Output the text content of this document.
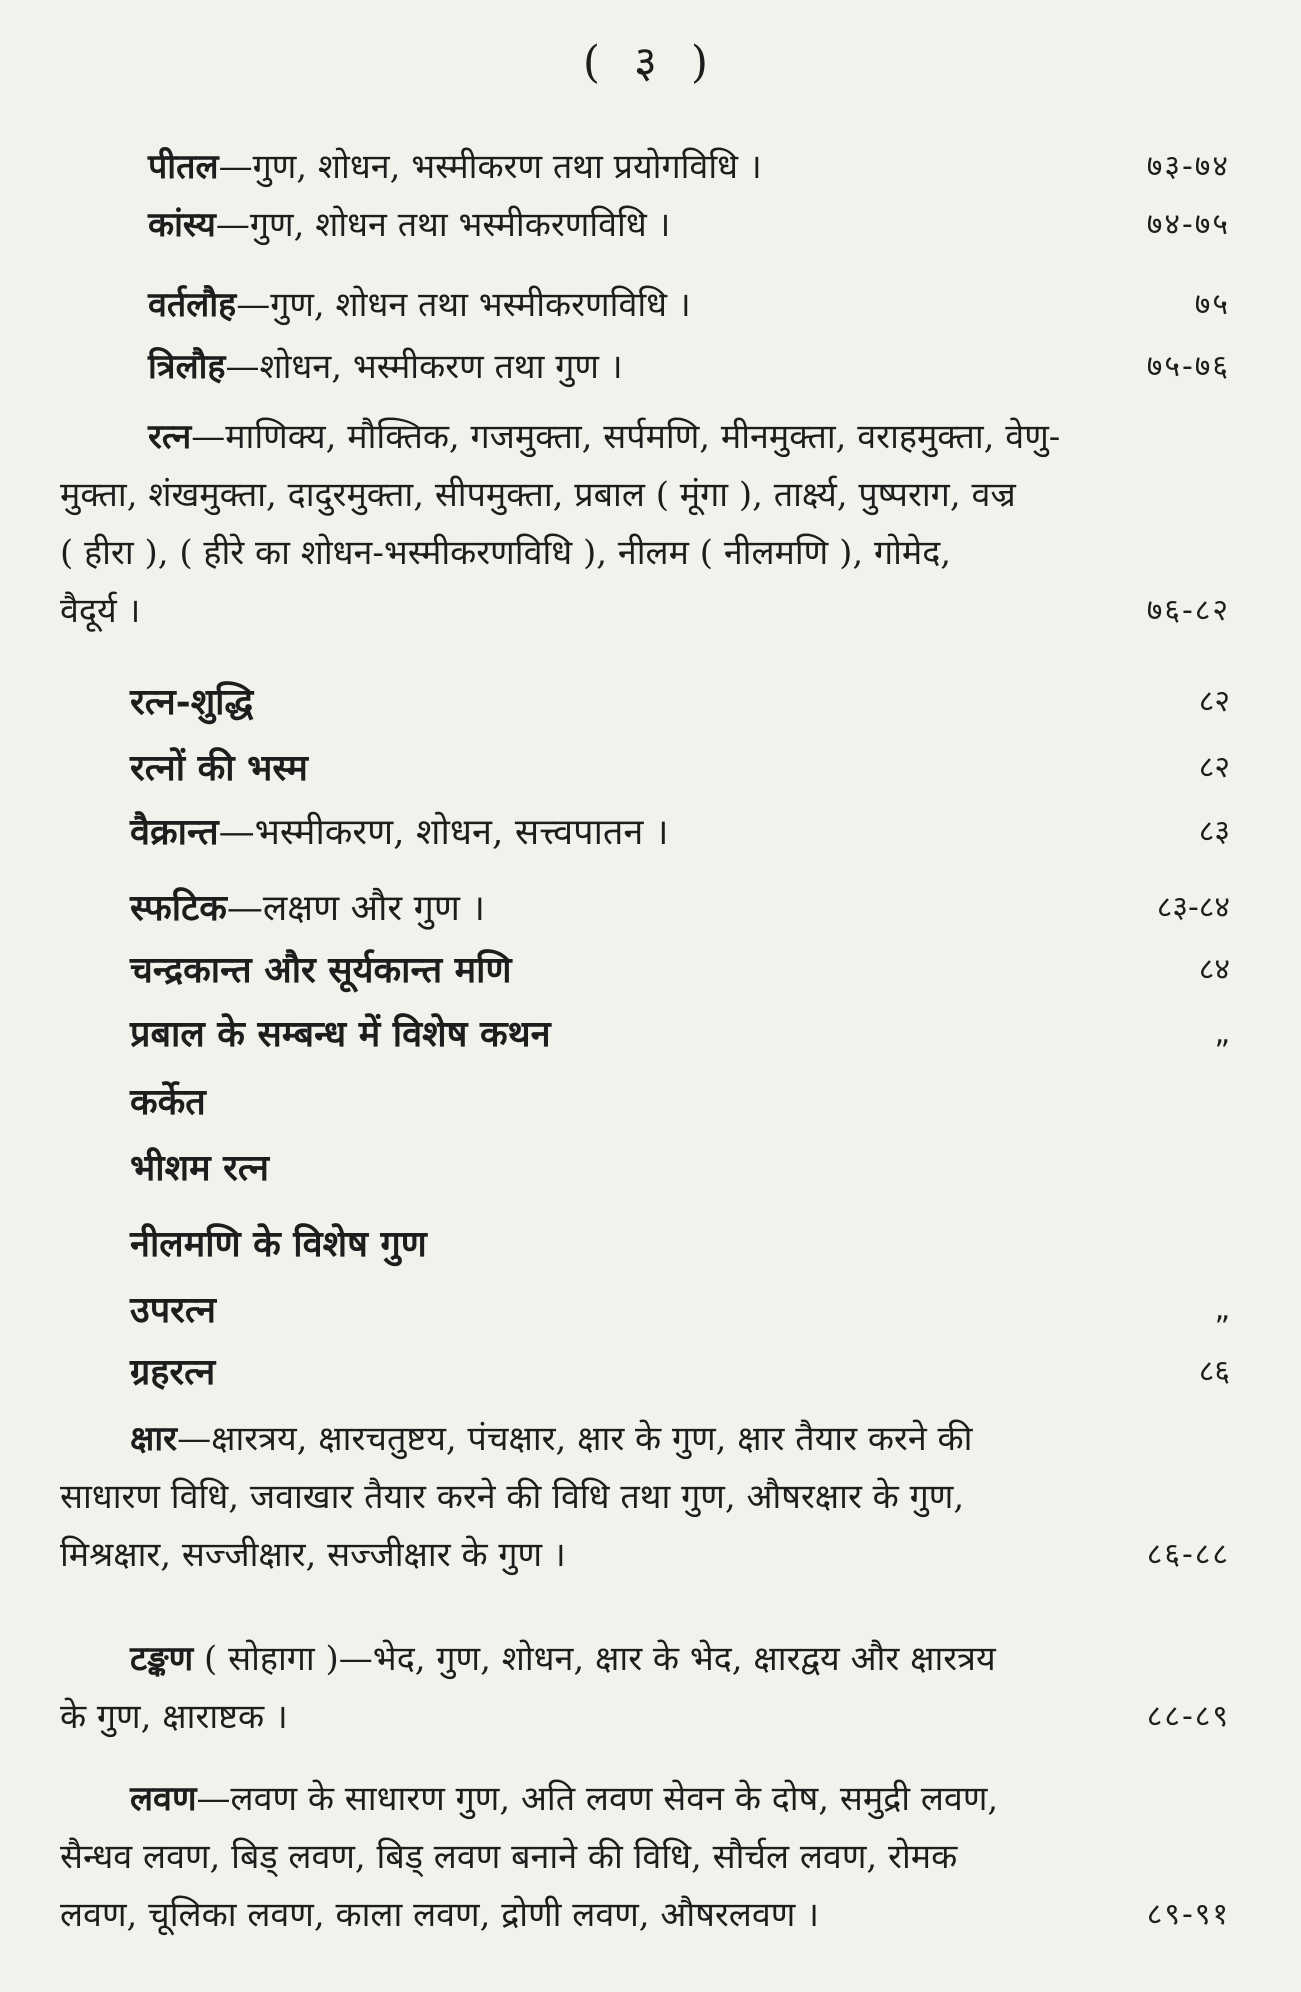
( ३ )
पीतल—गुण, शोधन, भस्मीकरण तथा प्रयोगविधि ।	७३-७४
कांस्य—गुण, शोधन तथा भस्मीकरणविधि ।	७४-७५
वर्तलौह—गुण, शोधन तथा भस्मीकरणविधि ।	७५
त्रिलौह—शोधन, भस्मीकरण तथा गुण ।	७५-७६
रत्न—माणिक्य, मौक्तिक, गजमुक्ता, सर्पमणि, मीनमुक्ता, वराहमुक्ता, वेणु-
मुक्ता, शंखमुक्ता, दादुरमुक्ता, सीपमुक्ता, प्रबाल ( मूंगा ), तार्क्ष्य, पुष्पराग, वज्र
( हीरा ), ( हीरे का शोधन-भस्मीकरणविधि ), नीलम ( नीलमणि ), गोमेद,
वैदूर्य ।	७६-८२
रत्न-शुद्धि	८२
रत्नों की भस्म	८२
वैक्रान्त—भस्मीकरण, शोधन, सत्त्वपातन ।	८३
स्फटिक—लक्षण और गुण ।	८३-८४
चन्द्रकान्त और सूर्यकान्त मणि	८४
प्रबाल के सम्बन्ध में विशेष कथन	„
कर्केत
भीशम रत्न
नीलमणि के विशेष गुण
उपरत्न	„
ग्रहरत्न	८६
क्षार—क्षारत्रय, क्षारचतुष्टय, पंचक्षार, क्षार के गुण, क्षार तैयार करने की
साधारण विधि, जवाखार तैयार करने की विधि तथा गुण, औषरक्षार के गुण,
मिश्रक्षार, सज्जीक्षार, सज्जीक्षार के गुण ।	८६-८८
टङ्कण ( सोहागा )—भेद, गुण, शोधन, क्षार के भेद, क्षारद्वय और क्षारत्रय
के गुण, क्षाराष्टक ।	८८-८९
लवण—लवण के साधारण गुण, अति लवण सेवन के दोष, समुद्री लवण,
सैन्धव लवण, बिड् लवण, बिड् लवण बनाने की विधि, सौर्चल लवण, रोमक
लवण, चूलिका लवण, काला लवण, द्रोणी लवण, औषरलवण ।	८९-९१
